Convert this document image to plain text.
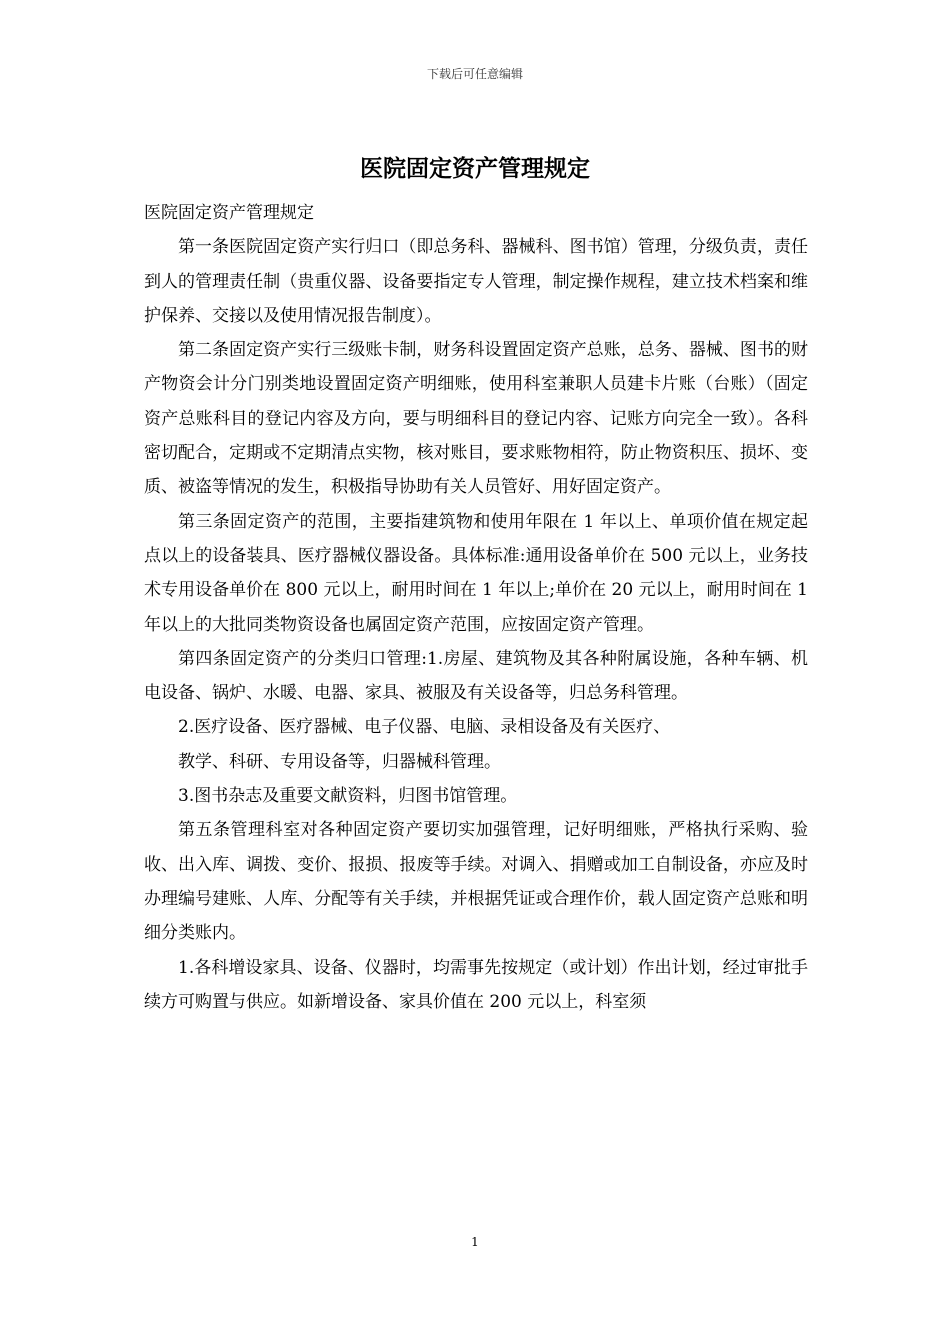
下载后可任意编辑
医院固定资产管理规定

医院固定资产管理规定

第一条医院固定资产实行归口（即总务科、器械科、图书馆）管理，分级负责，责任到人的管理责任制（贵重仪器、设备要指定专人管理，制定操作规程，建立技术档案和维护保养、交接以及使用情况报告制度）。

第二条固定资产实行三级账卡制，财务科设置固定资产总账，总务、器械、图书的财产物资会计分门别类地设置固定资产明细账，使用科室兼职人员建卡片账（台账）（固定资产总账科目的登记内容及方向，要与明细科目的登记内容、记账方向完全一致）。各科密切配合，定期或不定期清点实物，核对账目，要求账物相符，防止物资积压、损坏、变质、被盗等情况的发生，积极指导协助有关人员管好、用好固定资产。

第三条固定资产的范围，主要指建筑物和使用年限在 1 年以上、单项价值在规定起点以上的设备装具、医疗器械仪器设备。具体标准:通用设备单价在 500 元以上，业务技术专用设备单价在 800 元以上，耐用时间在 1 年以上;单价在 20 元以上，耐用时间在 1 年以上的大批同类物资设备也属固定资产范围，应按固定资产管理。

第四条固定资产的分类归口管理:1.房屋、建筑物及其各种附属设施，各种车辆、机电设备、锅炉、水暖、电器、家具、被服及有关设备等，归总务科管理。

2.医疗设备、医疗器械、电子仪器、电脑、录相设备及有关医疗、

教学、科研、专用设备等，归器械科管理。

3.图书杂志及重要文献资料，归图书馆管理。

第五条管理科室对各种固定资产要切实加强管理，记好明细账，严格执行采购、验收、出入库、调拨、变价、报损、报废等手续。对调入、捐赠或加工自制设备，亦应及时办理编号建账、人库、分配等有关手续，并根据凭证或合理作价，载人固定资产总账和明细分类账内。

1.各科增设家具、设备、仪器时，均需事先按规定（或计划）作出计划，经过审批手续方可购置与供应。如新增设备、家具价值在 200 元以上，科室须

1
